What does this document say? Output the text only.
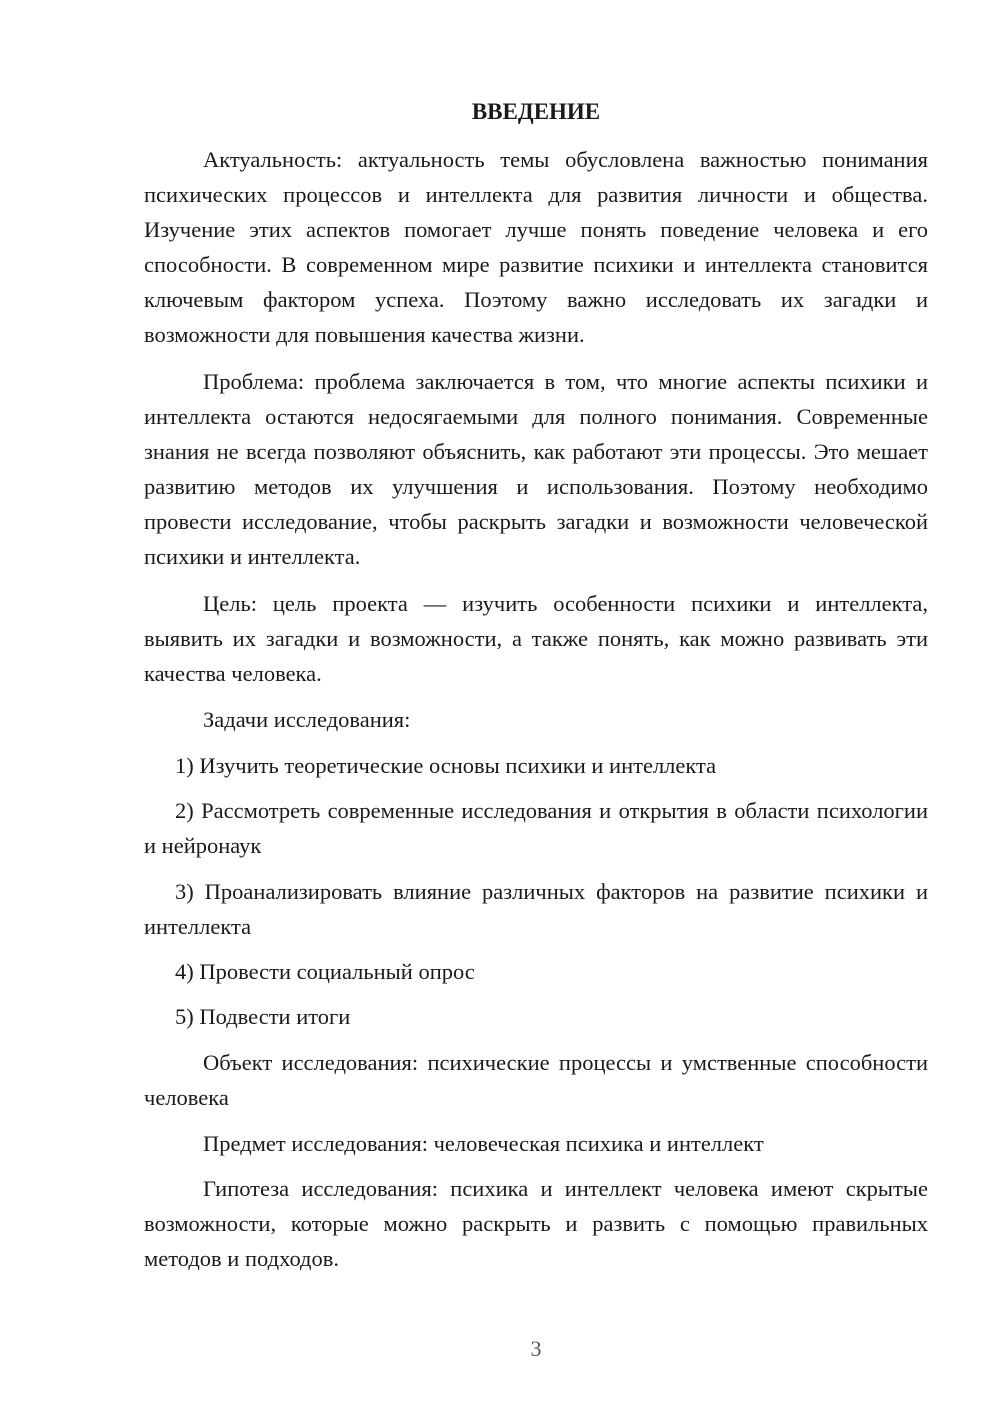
ВВЕДЕНИЕ

Актуальность: актуальность темы обусловлена важностью понимания психических процессов и интеллекта для развития личности и общества. Изучение этих аспектов помогает лучше понять поведение человека и его способности. В современном мире развитие психики и интеллекта становится ключевым фактором успеха. Поэтому важно исследовать их загадки и возможности для повышения качества жизни.

Проблема: проблема заключается в том, что многие аспекты психики и интеллекта остаются недосягаемыми для полного понимания. Современные знания не всегда позволяют объяснить, как работают эти процессы. Это мешает развитию методов их улучшения и использования. Поэтому необходимо провести исследование, чтобы раскрыть загадки и возможности человеческой психики и интеллекта.

Цель: цель проекта — изучить особенности психики и интеллекта, выявить их загадки и возможности, а также понять, как можно развивать эти качества человека.

Задачи исследования:

1) Изучить теоретические основы психики и интеллекта

2) Рассмотреть современные исследования и открытия в области психологии и нейронаук

3) Проанализировать влияние различных факторов на развитие психики и интеллекта

4) Провести социальный опрос

5) Подвести итоги

Объект исследования: психические процессы и умственные способности человека

Предмет исследования: человеческая психика и интеллект

Гипотеза исследования: психика и интеллект человека имеют скрытые возможности, которые можно раскрыть и развить с помощью правильных методов и подходов.

3
